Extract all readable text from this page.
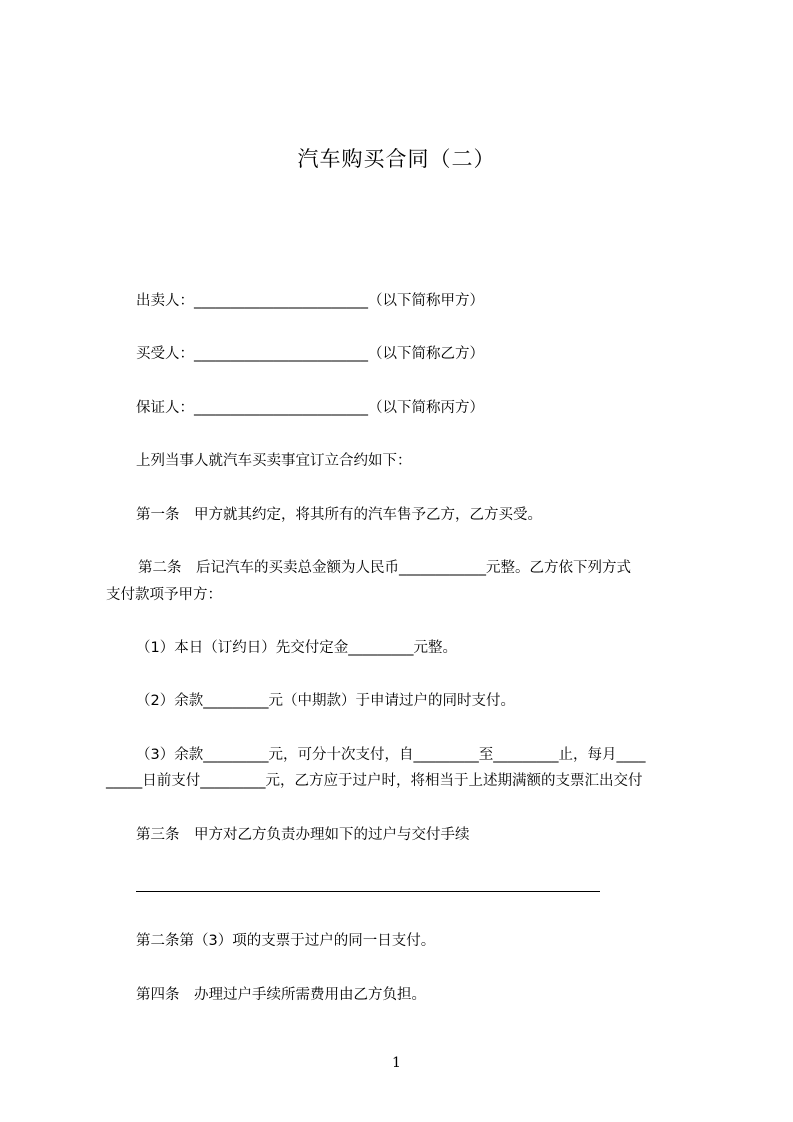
汽车购买合同（二）
出卖人：________________________（以下简称甲方）
买受人：________________________（以下简称乙方）
保证人：________________________（以下简称丙方）
上列当事人就汽车买卖事宜订立合约如下：
第一条　甲方就其约定，将其所有的汽车售予乙方，乙方买受。
第二条　后记汽车的买卖总金额为人民币____________元整。乙方依下列方式
支付款项予甲方：
（1）本日（订约日）先交付定金_________元整。
（2）余款_________元（中期款）于申请过户的同时支付。
（3）余款_________元，可分十次支付，自_________至_________止，每月____
_____日前支付_________元，乙方应于过户时，将相当于上述期满额的支票汇出交付
第三条　甲方对乙方负责办理如下的过户与交付手续
第二条第（3）项的支票于过户的同一日支付。
第四条　办理过户手续所需费用由乙方负担。
1
